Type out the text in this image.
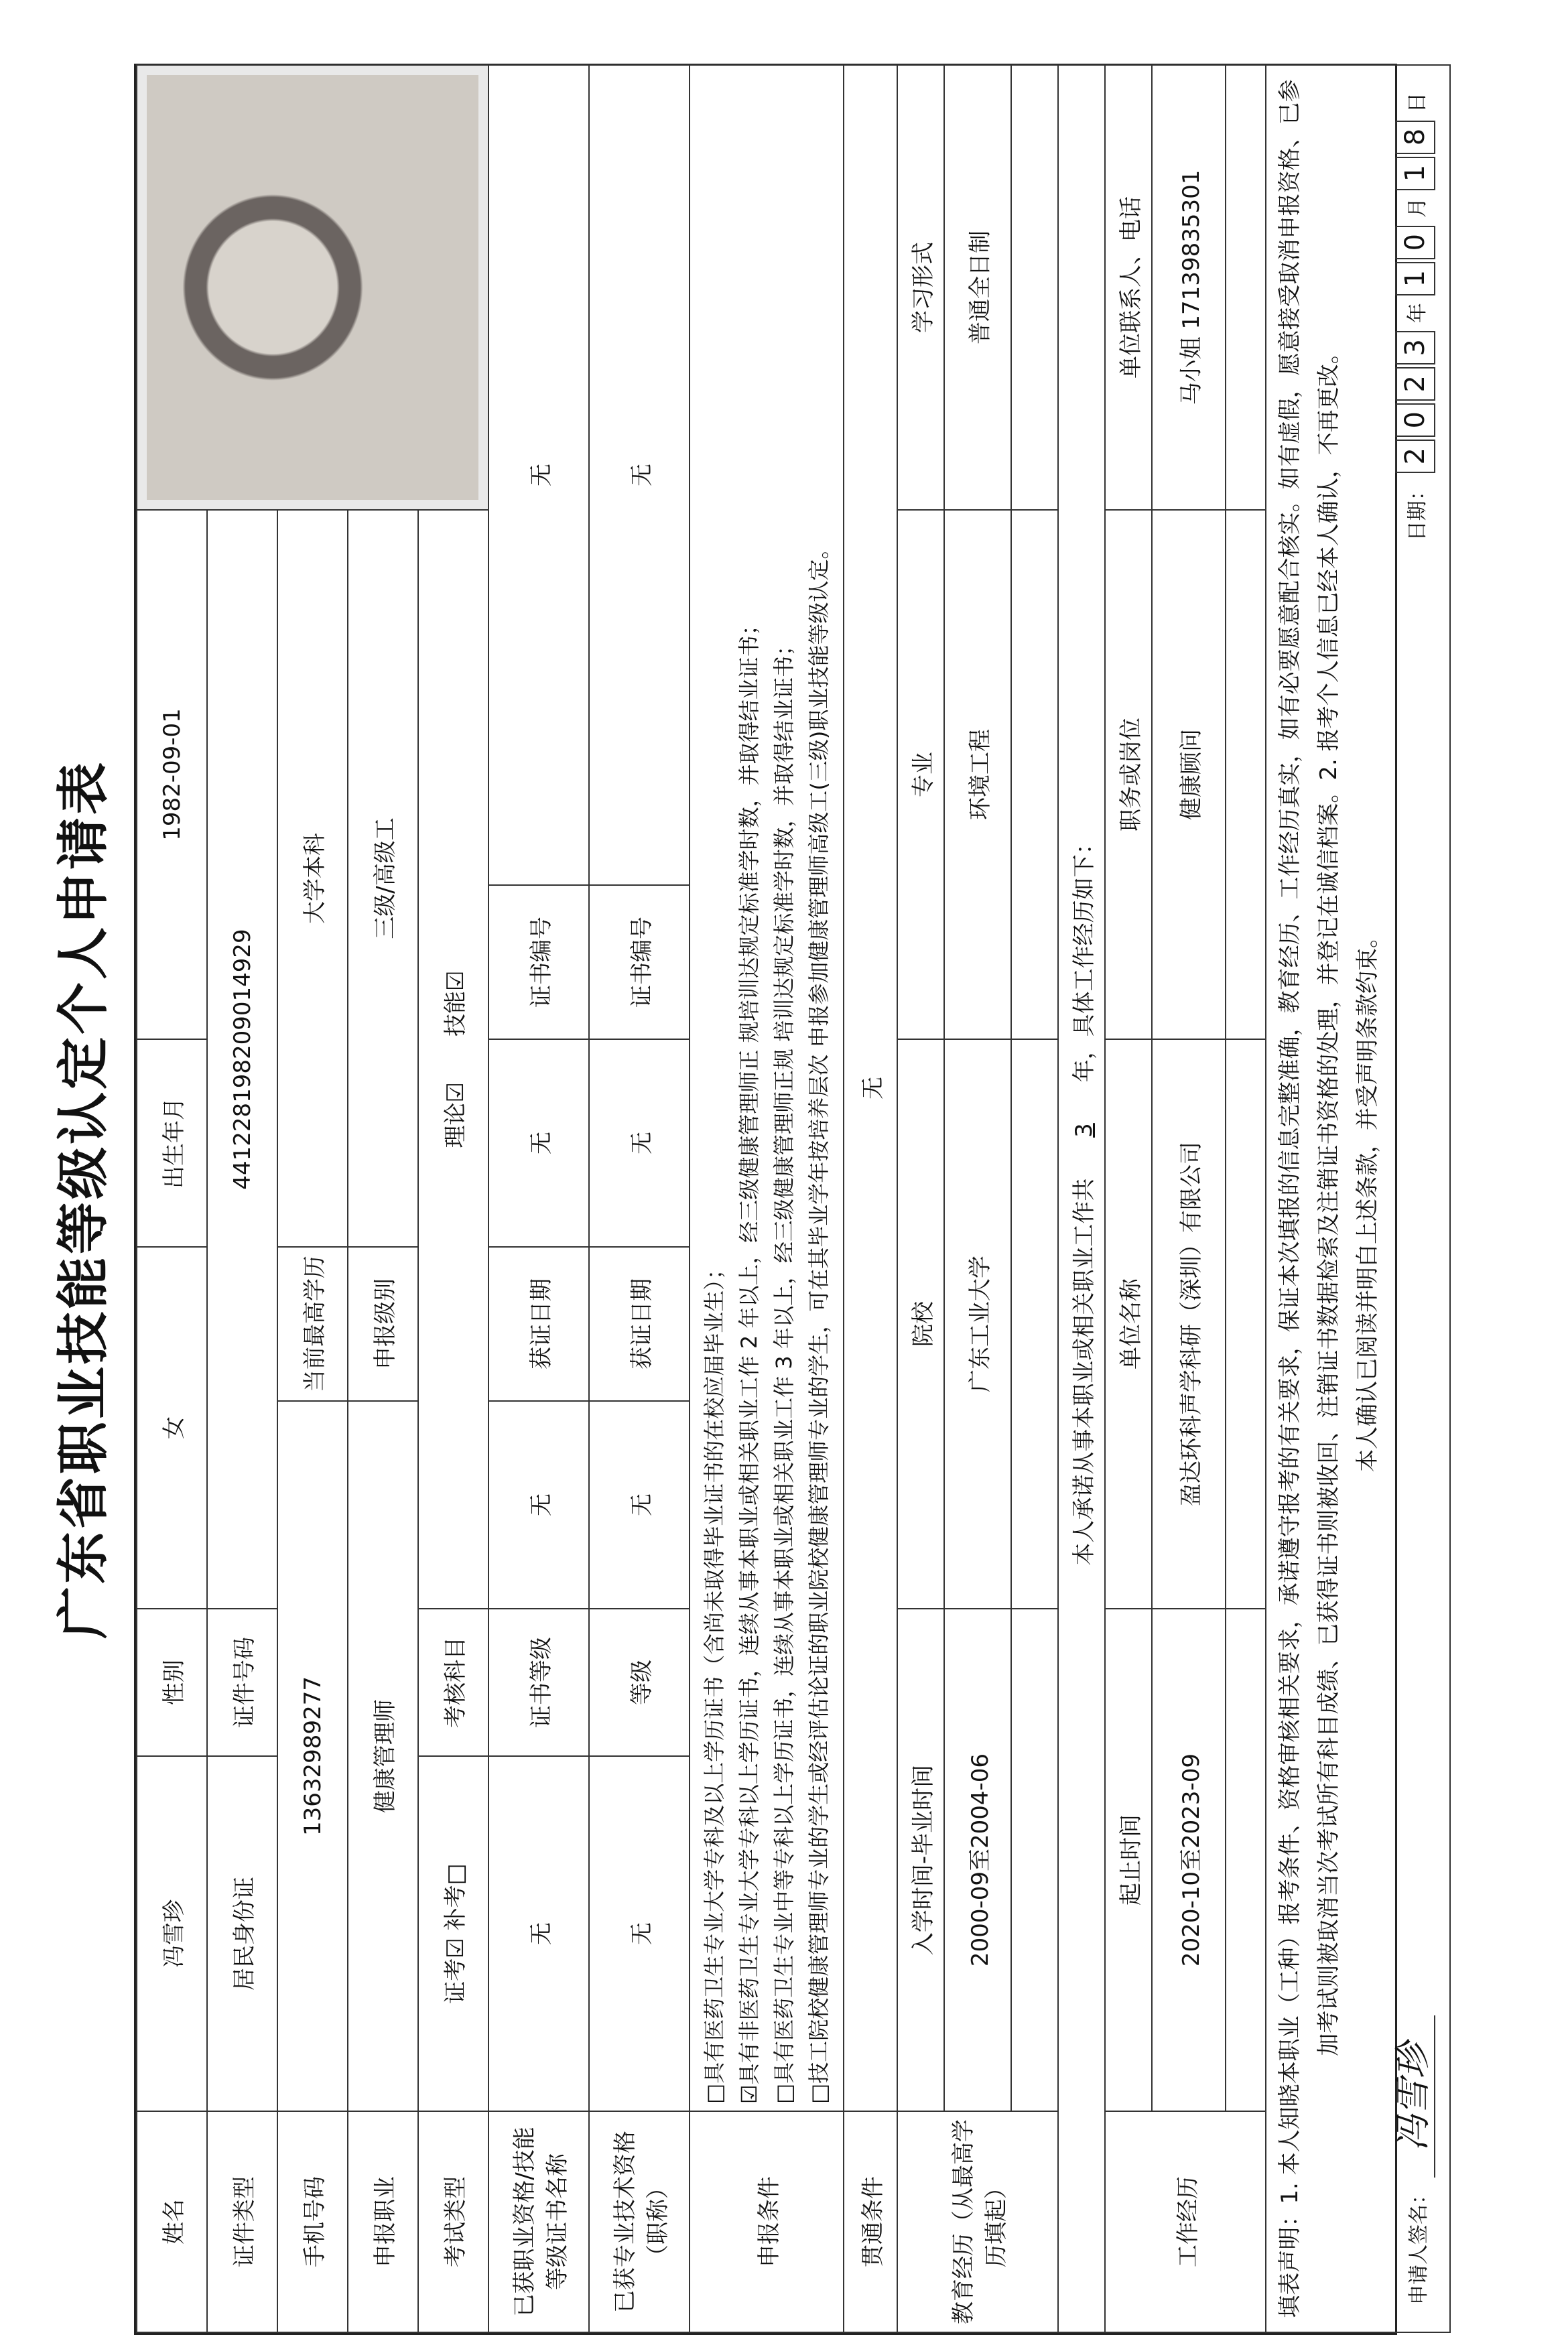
广东省职业技能等级认定个人申请表
姓名	冯雪珍	性别	女		出生年月	1982-09-01		

证件类型	居民身份证	证件号码	441228198209014929					
手机号码	13632989277			当前最高学历	大学本科			
申报职业	健康管理师			申报级别	三级/高级工			
考试类型	证考☑ 补考□	考核科目	理论☑　　技能☑					
已获职业资格/技能等级证书名称	无	证书等级	无	获证日期	无	证书编号	无	
已获专业技术资格（职称）	无	等级	无	获证日期	无	证书编号	无	
申报条件	□具有医药卫生专业大学专科及以上学历证书（含尚未取得毕业证书的在校应届毕业生）； ☑具有非医药卫生专业大学专科以上学历证书，连续从事本职业或相关职业工作 2 年以上，经三级健康管理师正 规培训达规定标准学时数，并取得结业证书； □具有医药卫生专业中等专科以上学历证书，连续从事本职业或相关职业工作 3 年以上，经三级健康管理师正规 培训达规定标准学时数，并取得结业证书； □技工院校健康管理师专业的学生或经评估论证的职业院校健康管理师专业的学生，可在其毕业学年按培养层次 申报参加健康管理师高级工(三级)职业技能等级认定。							

贯通条件	无							
教育经历（从最高学历填起）	入学时间-毕业时间		院校			专业		学习形式
	2000-09至2004-06		广东工业大学			环境工程		普通全日制

本人承诺从事本职业或相关职业工作共 3 年，具体工作经历如下：								
工作经历	起止时间		单位名称			职务或岗位		单位联系人、电话
	2020-10至2023-09		盈达环科声学科研（深圳）有限公司			健康顾问		马小姐 17139835301

填表声明：1. 本人知晓本职业（工种）报考条件、资格审核相关要求，承诺遵守报考的有关要求，保证本次填报的信息完整准确，教育经历、工作经历真实，如有必要愿意配合核实。如有虚假，愿意接受取消申报资格、已参加考试则被取消当次考试所有科目成绩、已获得证书则被收回、注销证书数据检索及注销证书资格的处理，并登记在诚信档案。2. 报考个人信息已经本人确认，不再更改。 本人确认已阅读并明白上述条款，并受声明条款约束。
申请人签名： 冯雪珍
日期： 2023 年 10 月 18 日								
